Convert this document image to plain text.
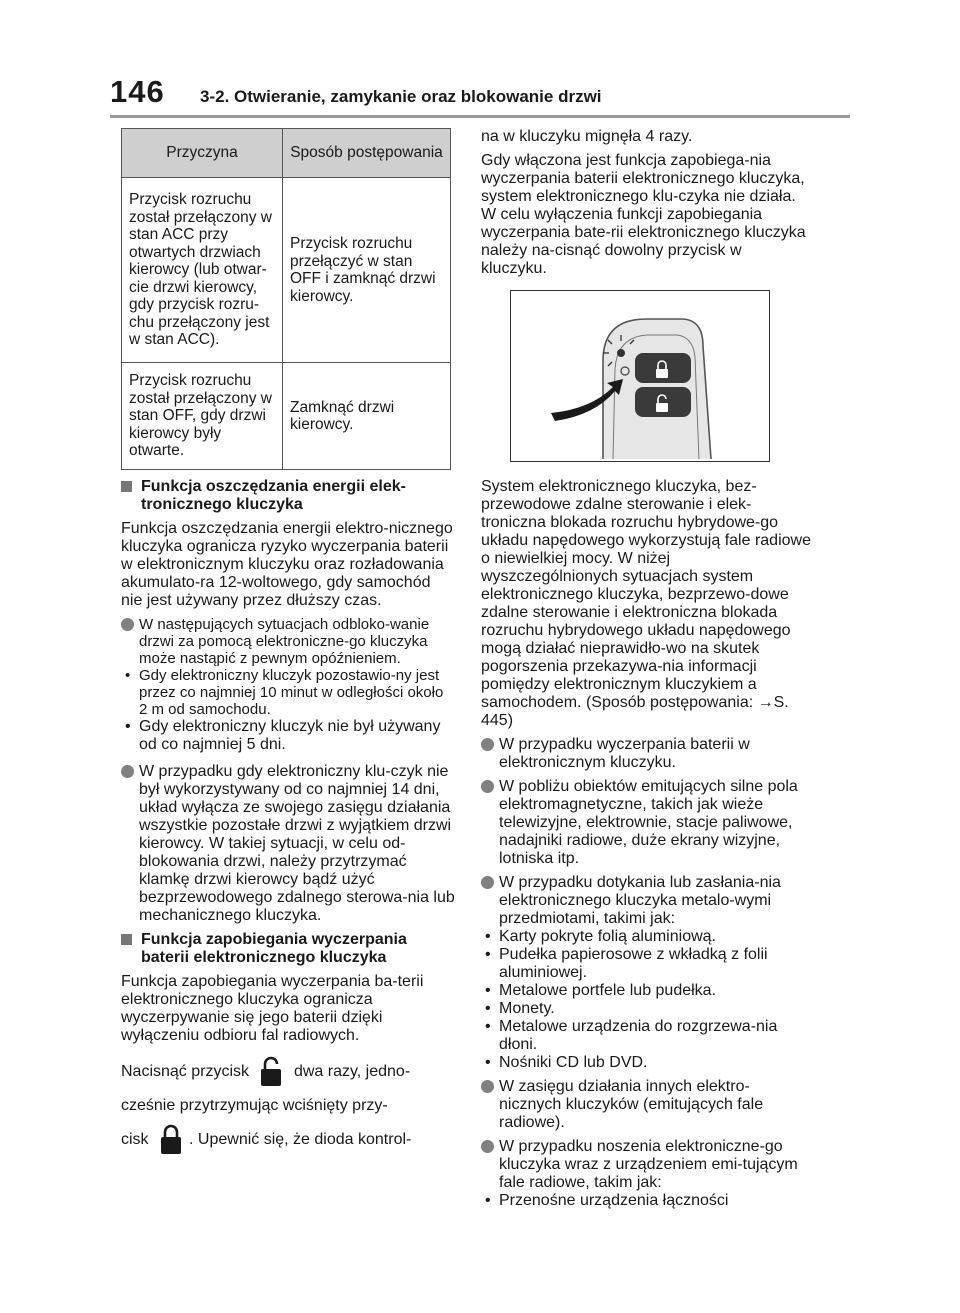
146 3-2. Otwieranie, zamykanie oraz blokowanie drzwi
Przyczyna	Sposób postępowania
Przycisk rozruchu został przełączony w stan ACC przy otwartych drzwiach kierowcy (lub otwar-cie drzwi kierowcy, gdy przycisk rozru-chu przełączony jest w stan ACC).	Przycisk rozruchu przełączyć w stan OFF i zamknąć drzwi kierowcy.
Przycisk rozruchu został przełączony w stan OFF, gdy drzwi kierowcy były otwarte.	Zamknąć drzwi kierowcy.
Funkcja oszczędzania energii elek-tronicznego kluczyka

Funkcja oszczędzania energii elektro-nicznego kluczyka ogranicza ryzyko wyczerpania baterii w elektronicznym kluczyku oraz rozładowania akumulato-ra 12-woltowego, gdy samochód nie jest używany przez dłuższy czas.

W następujących sytuacjach odbloko-wanie drzwi za pomocą elektroniczne-go kluczyka może nastąpić z pewnym opóźnieniem.
• Gdy elektroniczny kluczyk pozostawio-ny jest przez co najmniej 10 minut w odległości około 2 m od samochodu.
• Gdy elektroniczny kluczyk nie był używany od co najmniej 5 dni.
W przypadku gdy elektroniczny klu-czyk nie był wykorzystywany od co najmniej 14 dni, układ wyłącza ze swojego zasięgu działania wszystkie pozostałe drzwi z wyjątkiem drzwi kierowcy. W takiej sytuacji, w celu od-blokowania drzwi, należy przytrzymać klamkę drzwi kierowcy bądź użyć bezprzewodowego zdalnego sterowa-nia lub mechanicznego kluczyka.
Funkcja zapobiegania wyczerpania baterii elektronicznego kluczyka

Funkcja zapobiegania wyczerpania ba-terii elektronicznego kluczyka ogranicza wyczerpywanie się jego baterii dzięki wyłączeniu odbioru fal radiowych.

Nacisnąć przycisk	dwa razy, jedno-
cześnie przytrzymując wciśnięty przy-
cisk	. Upewnić się, że dioda kontrol-

na w kluczyku mignęła 4 razy.

Gdy włączona jest funkcja zapobiega-nia wyczerpania baterii elektronicznego kluczyka, system elektronicznego klu-czyka nie działa. W celu wyłączenia funkcji zapobiegania wyczerpania bate-rii elektronicznego kluczyka należy na-cisnąć dowolny przycisk w kluczyku.

System elektronicznego kluczyka, bez-przewodowe zdalne sterowanie i elek-troniczna blokada rozruchu hybrydowe-go układu napędowego wykorzystują fale radiowe o niewielkiej mocy. W niżej wyszczególnionych sytuacjach system elektronicznego kluczyka, bezprzewo-dowe zdalne sterowanie i elektroniczna blokada rozruchu hybrydowego układu napędowego mogą działać nieprawidło-wo na skutek pogorszenia przekazywa-nia informacji pomiędzy elektronicznym kluczykiem a samochodem. (Sposób postępowania: →S. 445)

W przypadku wyczerpania baterii w elektronicznym kluczyku.
W pobliżu obiektów emitujących silne pola elektromagnetyczne, takich jak wieże telewizyjne, elektrownie, stacje paliwowe, nadajniki radiowe, duże ekrany wizyjne, lotniska itp.
W przypadku dotykania lub zasłania-nia elektronicznego kluczyka metalo-wymi przedmiotami, takimi jak:
• Karty pokryte folią aluminiową.
• Pudełka papierosowe z wkładką z folii aluminiowej.
• Metalowe portfele lub pudełka.
• Monety.
• Metalowe urządzenia do rozgrzewa-nia dłoni.
• Nośniki CD lub DVD.
W zasięgu działania innych elektro-nicznych kluczyków (emitujących fale radiowe).
W przypadku noszenia elektroniczne-go kluczyka wraz z urządzeniem emi-tującym fale radiowe, takim jak:
• Przenośne urządzenia łączności
